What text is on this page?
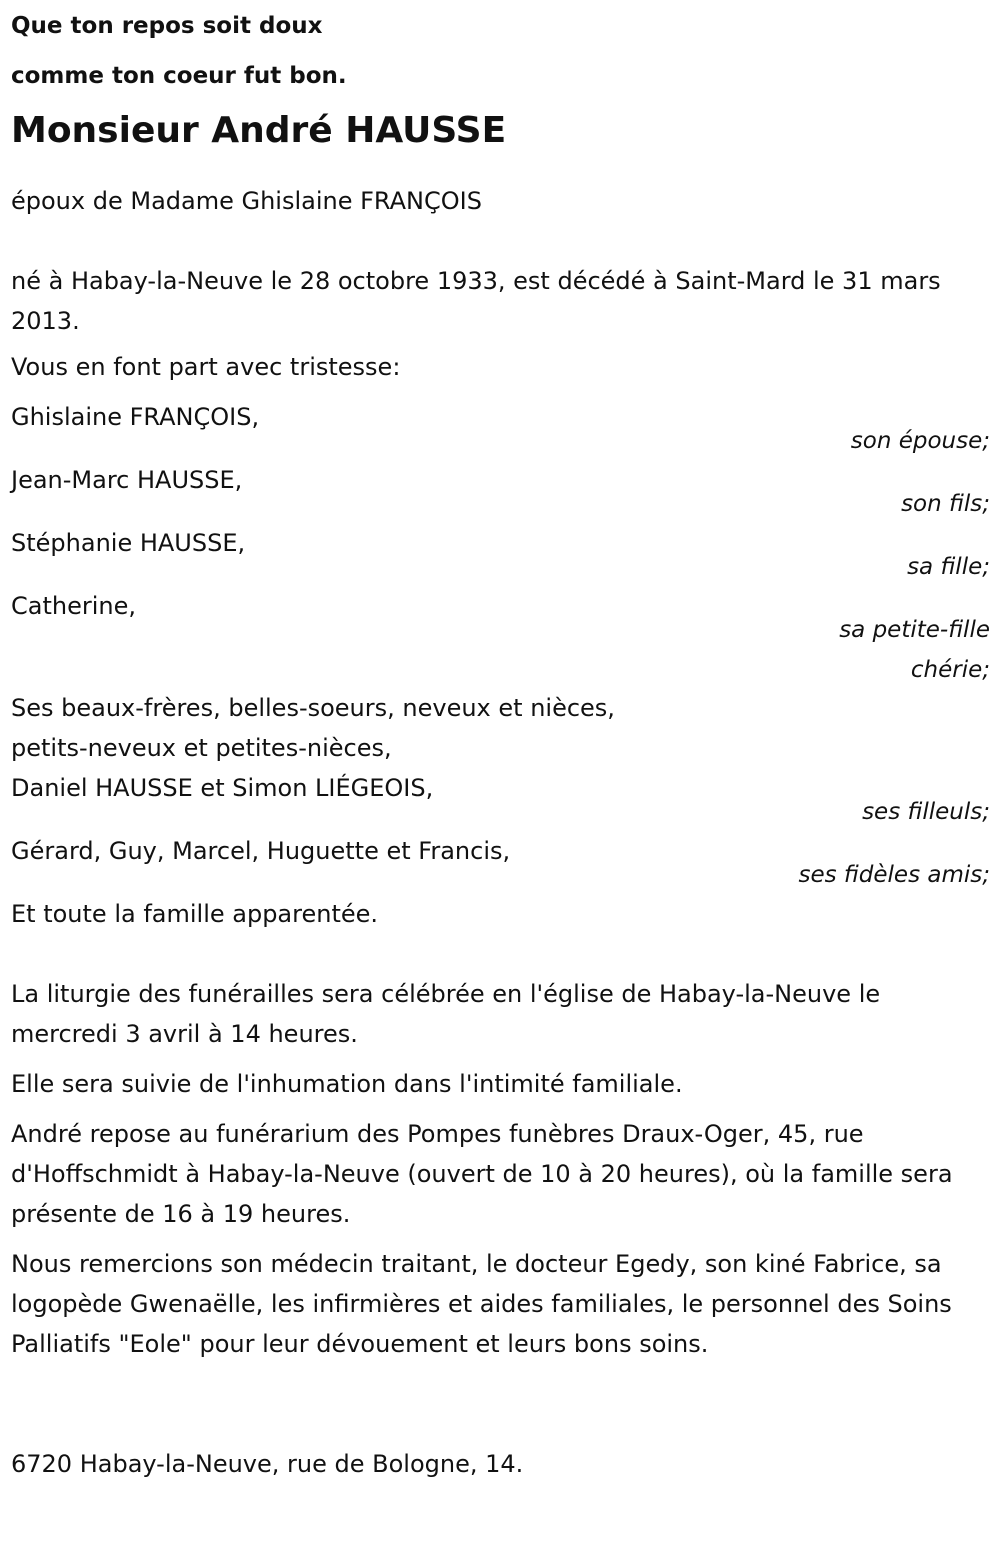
Que ton repos soit doux
comme ton coeur fut bon.
Monsieur André HAUSSE
époux de Madame Ghislaine FRANÇOIS
né à Habay-la-Neuve le 28 octobre 1933, est décédé à Saint-Mard le 31 mars 2013.
Vous en font part avec tristesse:
Ghislaine FRANÇOIS,
son épouse;
Jean-Marc HAUSSE,
son fils;
Stéphanie HAUSSE,
sa fille;
Catherine,
sa petite-fille chérie;
Ses beaux-frères, belles-soeurs, neveux et nièces,
petits-neveux et petites-nièces,
Daniel HAUSSE et Simon LIÉGEOIS,
ses filleuls;
Gérard, Guy, Marcel, Huguette et Francis,
ses fidèles amis;
Et toute la famille apparentée.
La liturgie des funérailles sera célébrée en l'église de Habay-la-Neuve le mercredi 3 avril à 14 heures.
Elle sera suivie de l'inhumation dans l'intimité familiale.
André repose au funérarium des Pompes funèbres Draux-Oger, 45, rue d'Hoffschmidt à Habay-la-Neuve (ouvert de 10 à 20 heures), où la famille sera présente de 16 à 19 heures.
Nous remercions son médecin traitant, le docteur Egedy, son kiné Fabrice, sa logopède Gwenaëlle, les infirmières et aides familiales, le personnel des Soins Palliatifs "Eole" pour leur dévouement et leurs bons soins.
6720 Habay-la-Neuve, rue de Bologne, 14.
